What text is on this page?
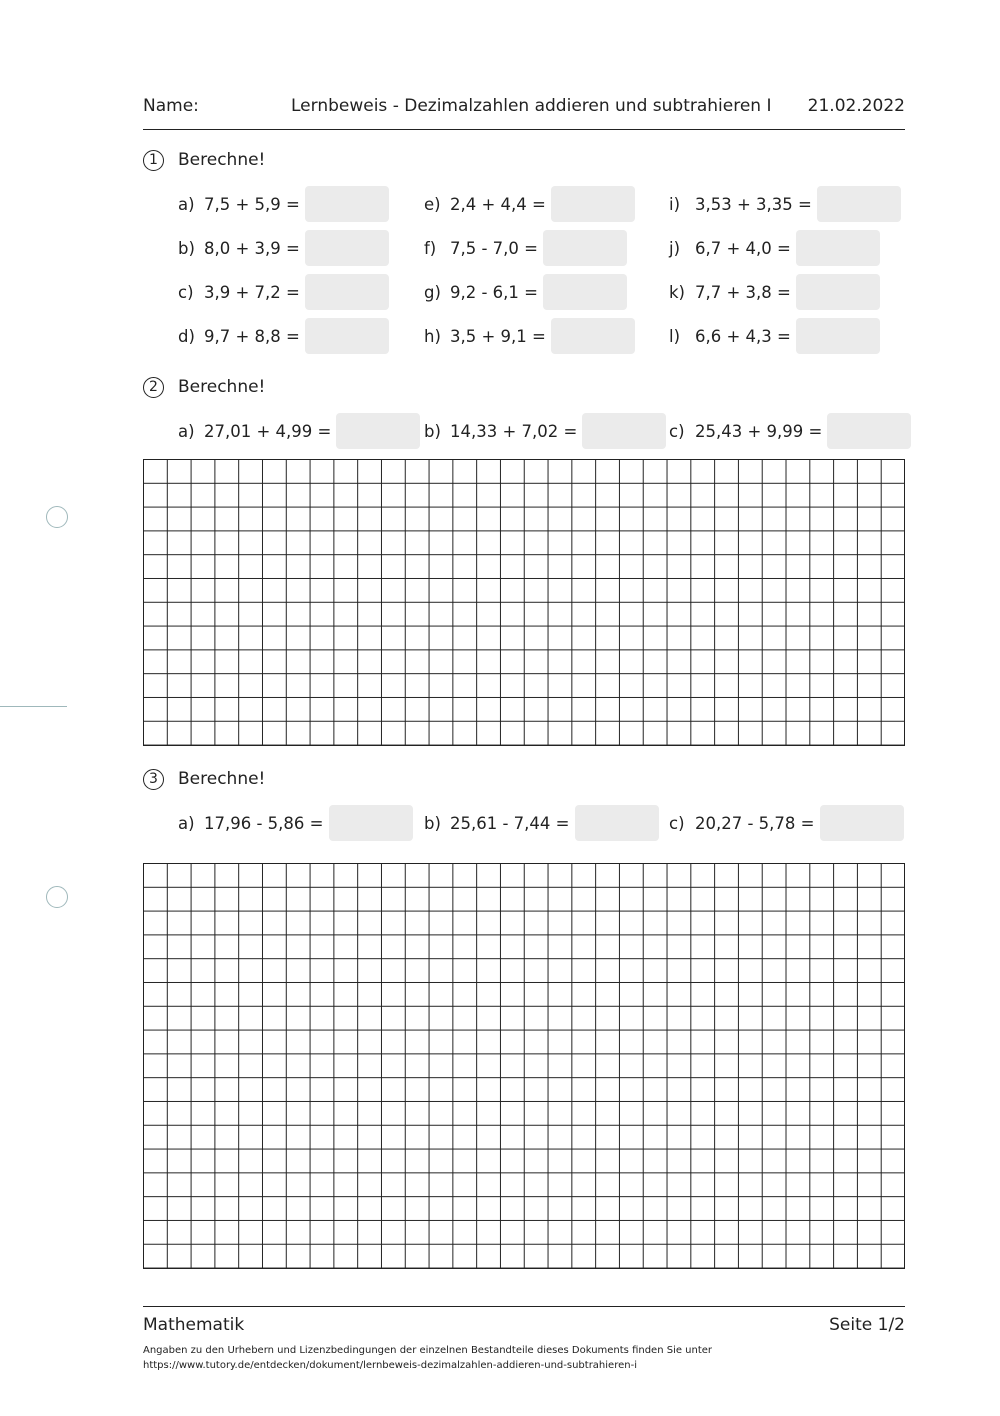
Name:	Lernbeweis - Dezimalzahlen addieren und subtrahieren I 21.02.2022
1	Berechne!
a) 7,5 + 5,9 =
b) 8,0 + 3,9 =
c) 3,9 + 7,2 =
d) 9,7 + 8,8 =
e) 2,4 + 4,4 =
f) 7,5 - 7,0 =
g) 9,2 - 6,1 =
h) 3,5 + 9,1 =
i) 3,53 + 3,35 =
j) 6,7 + 4,0 =
k) 7,7 + 3,8 =
l) 6,6 + 4,3 =
2	Berechne!
a) 27,01 + 4,99 =	b) 14,33 + 7,02 =	c) 25,43 + 9,99 =
3	Berechne!
a) 17,96 - 5,86 =	b) 25,61 - 7,44 =	c) 20,27 - 5,78 =
Mathematik	Seite 1/2
Angaben zu den Urhebern und Lizenzbedingungen der einzelnen Bestandteile dieses Dokuments finden Sie unter
https://www.tutory.de/entdecken/dokument/lernbeweis-dezimalzahlen-addieren-und-subtrahieren-i
